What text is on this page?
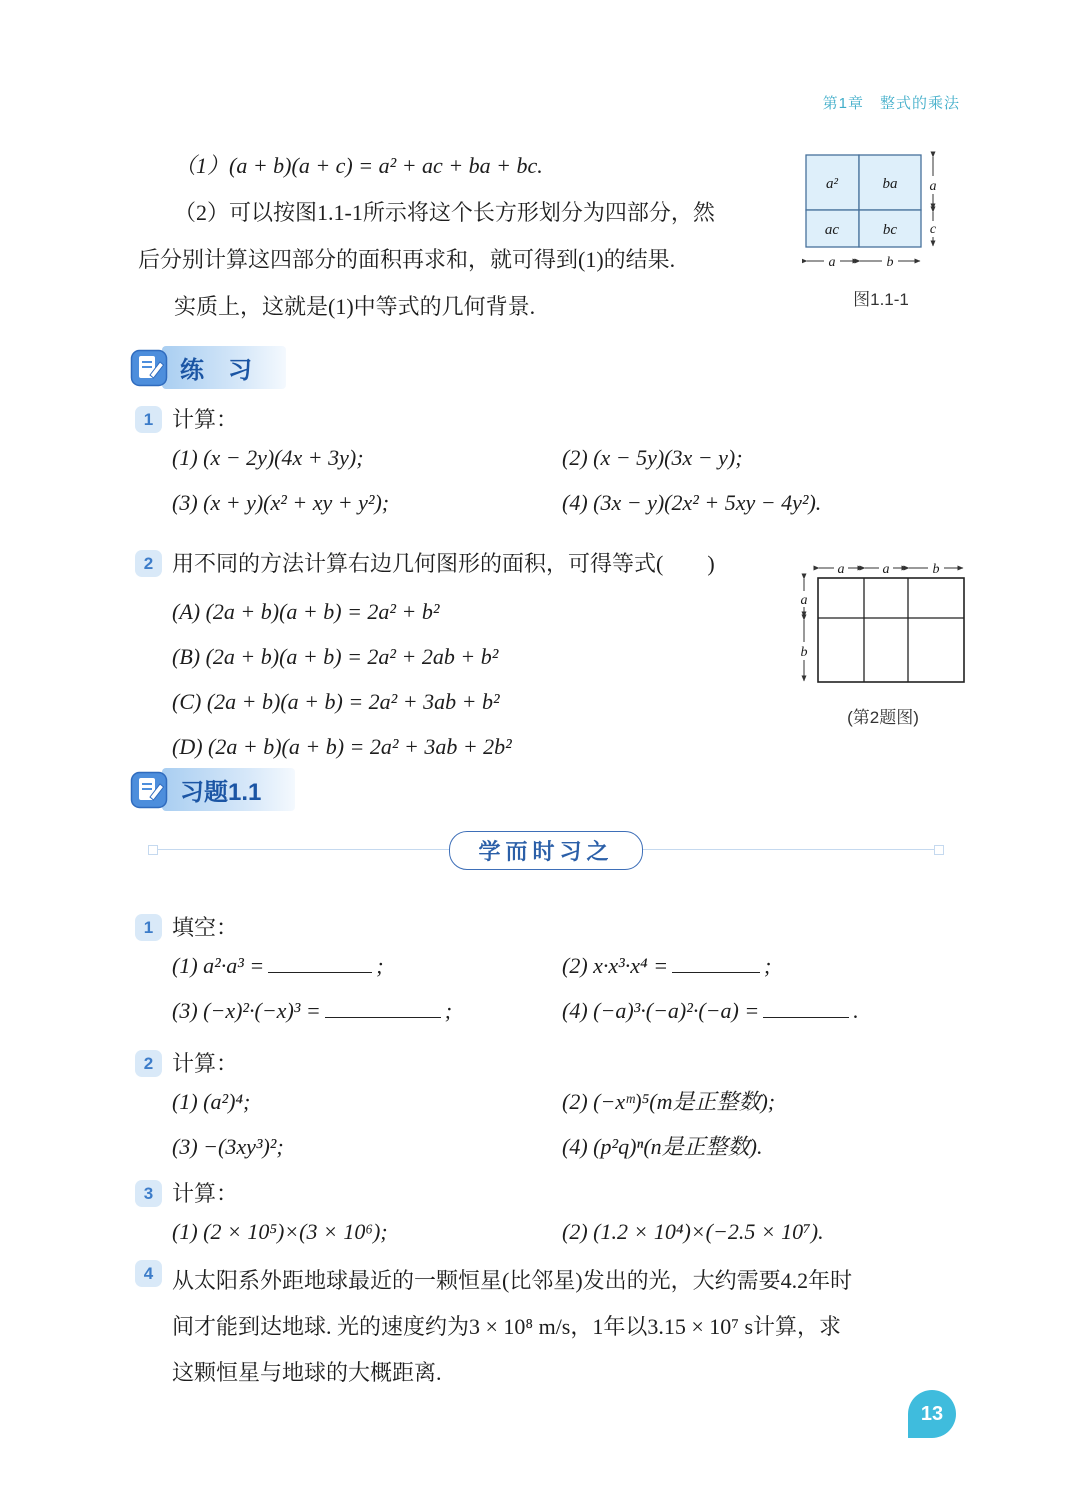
第1章　整式的乘法

（1）(a + b)(a + c) = a² + ac + ba + bc.

（2）可以按图1.1-1所示将这个长方形划分为四部分，然

后分别计算这四部分的面积再求和，就可得到(1)的结果.

实质上，这就是(1)中等式的几何背景.

a²	ba
ac	bc
a
c
a	b
图1.1-1
练　习
1 计算：
(1) (x − 2y)(4x + 3y);	(2) (x − 5y)(3x − y);
(3) (x + y)(x² + xy + y²);	(4) (3x − y)(2x² + 5xy − 4y²).
2 用不同的方法计算右边几何图形的面积，可得等式(　　)

(A) (2a + b)(a + b) = 2a² + b²

(B) (2a + b)(a + b) = 2a² + 2ab + b²

(C) (2a + b)(a + b) = 2a² + 3ab + b²

(D) (2a + b)(a + b) = 2a² + 3ab + 2b²

a	a	b
a
b
(第2题图)
习题1.1
学而时习之
1 填空：
(1) a²·a³ =	;	(2) x·x³·x⁴ =	;
(3) (−x)²·(−x)³ =	;	(4) (−a)³·(−a)²·(−a) =	.
2 计算：
(1) (a²)⁴;	(2) (−xᵐ)⁵(m是正整数);
(3) −(3xy³)²;	(4) (p²q)ⁿ(n是正整数).
3 计算：
(1) (2 × 10⁵)×(3 × 10⁶);	(2) (1.2 × 10⁴)×(−2.5 × 10⁷).
4 从太阳系外距地球最近的一颗恒星(比邻星)发出的光，大约需要4.2年时

间才能到达地球. 光的速度约为3 × 10⁸ m/s，1年以3.15 × 10⁷ s计算，求

这颗恒星与地球的大概距离.

13
